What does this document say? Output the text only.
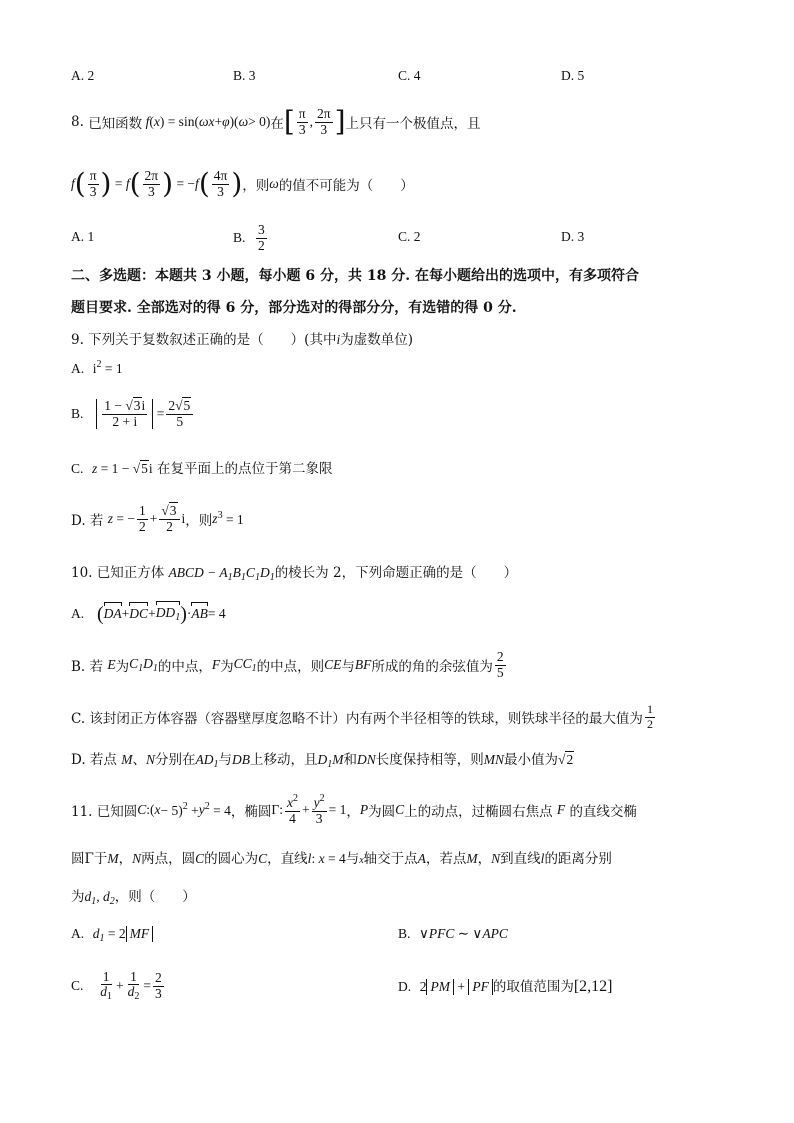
A. 2	B. 3	C. 4	D. 5
8.
已知函数 f ( x ) = sin( ωx + φ )( ω > 0) 在 [ $\frac{\pi}{3}$ , $\frac{2\pi}{3}$ ] 上只有一个极值点，且
f ( $\frac{\pi}{3}$ ) = f ( $\frac{2\pi}{3}$ ) = − f ( $\frac{4\pi}{3}$ ) ，则 ω 的值不可能为（　　）
A. 1	B.
$\frac{3}{2}$	C. 2	D. 3
二、多选题：本题共 3 小题，每小题 6 分，共 18 分. 在每小题给出的选项中，有多项符合
题目要求. 全部选对的得 6 分，部分选对的得部分分，有选错的得 0 分.
9. 下列关于复数叙述正确的是（　　）(其中i为虚数单位)
A. $i^2 = 1$
B.
$\frac{1 - √3i}{2 + i} = \frac{2√5}{5}$
C. z = 1 − √5i 在复平面上的点位于第二象限
D. 若
z = − $\frac{1}{2} + \frac{√3}{2}$ i ，则 z $^3$ = 1
10. 已知正方体 ABCD − $A_1B_1C_1D_1$的棱长为 2，下列命题正确的是（　　）
A.
( DA + DC + $DD_1$ ) · AB = 4
B. 若
E 为 $C_1D_1$ 的中点， F 为 $CC_1$ 的中点，则 CE 与 BF 所成的角的余弦值为 $\frac{2}{5}$
C. 该封闭正方体容器（容器壁厚度忽略不计）内有两个半径相等的铁球，则铁球半径的最大值为 $\frac{1}{2}$
D. 若点 M、N分别在$AD_1$与DB上移动，且$D_1M$和DN长度保持相等，则MN最小值为√2
11. 已知圆 C :( x − 5)$^2$ + y $^2$ = 4 ，椭圆 Γ: $\frac{x^2}{4} + \frac{y^2}{3} = 1$ ， P 为圆 C 上的动点，过椭圆右焦点
F
的直线交椭
圆Γ于M，N两点，圆C的圆心为C，直线l: x = 4与x轴交于点A，若点M，N到直线l的距离分别
为$d_1$, $d_2$，则（　　）
A. $d_1 = 2$ MF	B. ∨PFC ∼ ∨APC
C.
$\frac{1}{d_1} + \frac{1}{d_2} = \frac{2}{3}$	D. 2 PM + PF 的取值范围为[2,12]
